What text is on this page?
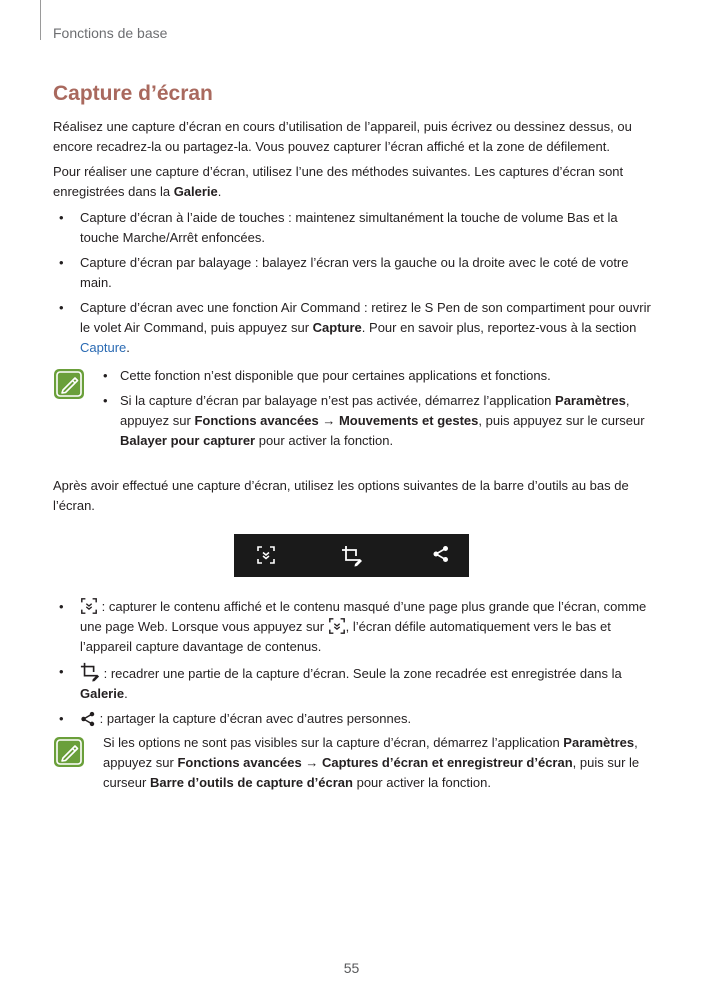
Fonctions de base
Capture d’écran

Réalisez une capture d’écran en cours d’utilisation de l’appareil, puis écrivez ou dessinez dessus, ou encore recadrez-la ou partagez-la. Vous pouvez capturer l’écran affiché et la zone de défilement.

Pour réaliser une capture d’écran, utilisez l’une des méthodes suivantes. Les captures d’écran sont enregistrées dans la Galerie.

• Capture d’écran à l’aide de touches : maintenez simultanément la touche de volume Bas et la touche Marche/Arrêt enfoncées.
• Capture d’écran par balayage : balayez l’écran vers la gauche ou la droite avec le coté de votre main.
• Capture d’écran avec une fonction Air Command : retirez le S Pen de son compartiment pour ouvrir le volet Air Command, puis appuyez sur Capture. Pour en savoir plus, reportez-vous à la section Capture.
• Cette fonction n’est disponible que pour certaines applications et fonctions.
• Si la capture d’écran par balayage n’est pas activée, démarrez l’application Paramètres, appuyez sur Fonctions avancées → Mouvements et gestes, puis appuyez sur le curseur Balayer pour capturer pour activer la fonction.

Après avoir effectué une capture d’écran, utilisez les options suivantes de la barre d’outils au bas de l’écran.

•	: capturer le contenu affiché et le contenu masqué d’une page plus grande que l’écran, comme une page Web. Lorsque vous appuyez sur , l’écran défile automatiquement vers le bas et l’appareil capture davantage de contenus.
•	: recadrer une partie de la capture d’écran. Seule la zone recadrée est enregistrée dans la Galerie.
• : partager la capture d’écran avec d’autres personnes.

Si les options ne sont pas visibles sur la capture d’écran, démarrez l’application Paramètres, appuyez sur Fonctions avancées → Captures d’écran et enregistreur d’écran, puis sur le curseur Barre d’outils de capture d’écran pour activer la fonction.

55
